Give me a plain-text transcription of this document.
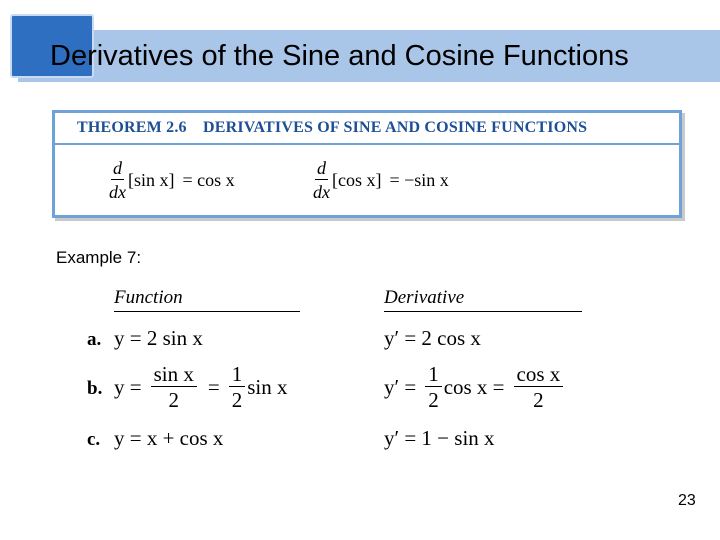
Derivatives of the Sine and Cosine Functions
THEOREM 2.6 DERIVATIVES OF SINE AND COSINE FUNCTIONS
$\frac{d}{dx} [\sin$ x] = cos x	$\frac{d}{dx} [\cos$ x] = −sin x
Example 7:
Function	Derivative
a. y = 2 sin x	y′ = 2 cos x
b. $y = \frac{\text{sin x}}{2} = \frac{1}{2}$ sin x	$y' = \frac{1}{2}$ $\cos x = \frac{\text{cos x}}{2}$
c. y = x + cos x	y′ = 1 − sin x
23
